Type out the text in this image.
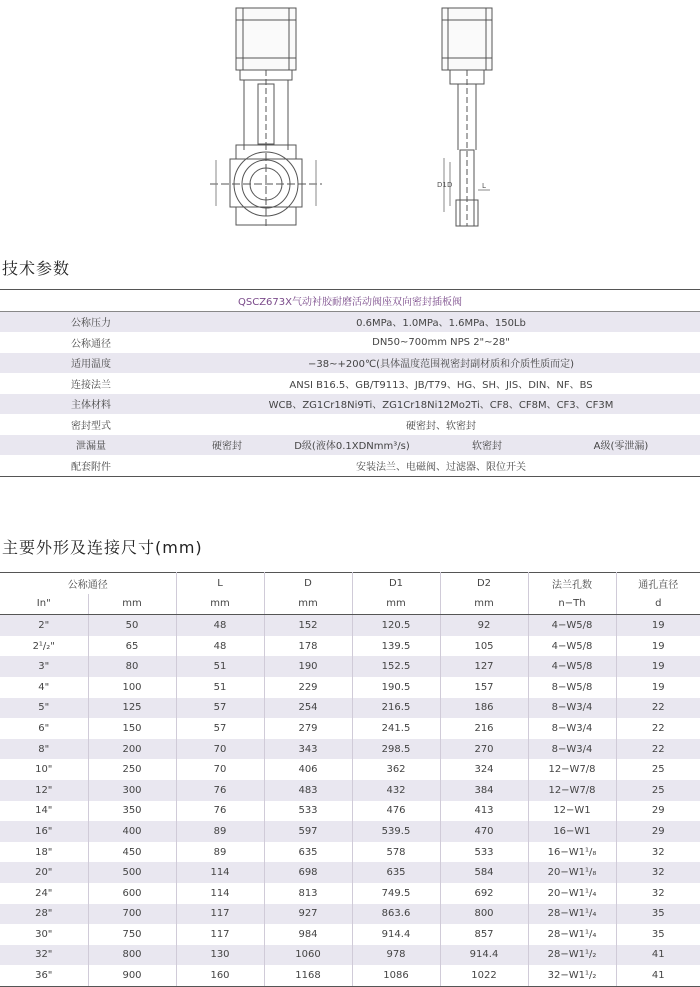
D1 D	L
技术参数
QSCZ673X气动衬胶耐磨活动阀座双向密封插板阀				
公称压力	0.6MPa、1.0MPa、1.6MPa、150Lb			
公称通径	DN50~700mm NPS 2"~28"			
适用温度	−38~+200℃(具体温度范围视密封副材质和介质性质而定)			
连接法兰	ANSI B16.5、GB/T9113、JB/T79、HG、SH、JIS、DIN、NF、BS			
主体材料	WCB、ZG1Cr18Ni9Ti、ZG1Cr18Ni12Mo2Ti、CF8、CF8M、CF3、CF3M			
密封型式	硬密封、软密封			
泄漏量	硬密封	D级(液体0.1XDNmm³/s)	软密封	A级(零泄漏)
配套附件	安装法兰、电磁阀、过滤器、限位开关			
主要外形及连接尺寸(mm)
公称通径		L	D	D1	D2	法兰孔数	通孔直径
In"	mm	mm	mm	mm	mm	n−Th	d
2"	50	48	152	120.5	92	4−W5/8	19
2¹/₂"	65	48	178	139.5	105	4−W5/8	19
3"	80	51	190	152.5	127	4−W5/8	19
4"	100	51	229	190.5	157	8−W5/8	19
5"	125	57	254	216.5	186	8−W3/4	22
6"	150	57	279	241.5	216	8−W3/4	22
8"	200	70	343	298.5	270	8−W3/4	22
10"	250	70	406	362	324	12−W7/8	25
12"	300	76	483	432	384	12−W7/8	25
14"	350	76	533	476	413	12−W1	29
16"	400	89	597	539.5	470	16−W1	29
18"	450	89	635	578	533	16−W1¹/₈	32
20"	500	114	698	635	584	20−W1¹/₈	32
24"	600	114	813	749.5	692	20−W1¹/₄	32
28"	700	117	927	863.6	800	28−W1¹/₄	35
30"	750	117	984	914.4	857	28−W1¹/₄	35
32"	800	130	1060	978	914.4	28−W1¹/₂	41
36"	900	160	1168	1086	1022	32−W1¹/₂	41
